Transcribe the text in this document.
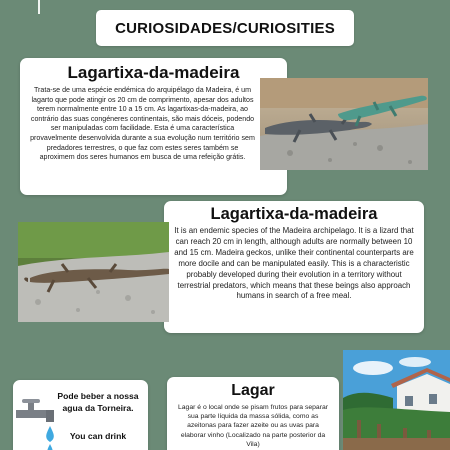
CURIOSIDADES/CURIOSITIES
Lagartixa-da-madeira

Trata-se de uma espécie endémica do arquipélago da Madeira, é um lagarto que pode atingir os 20 cm de comprimento, apesar dos adultos terem normalmente entre 10 a 15 cm. As lagartixas-da-madeira, ao contrário das suas congéneres continentais, são mais dóceis, podendo ser manipuladas com facilidade. Esta é uma característica provavelmente desenvolvida durante a sua evolução num território sem predadores terrestres, o que faz com estes seres também se aproximem dos seres humanos em busca de uma refeição grátis.

Lagartixa-da-madeira

It is an endemic species of the Madeira archipelago. It is a lizard that can reach 20 cm in length, although adults are normally between 10 and 15 cm. Madeira geckos, unlike their continental counterparts are more docile and can be manipulated easily. This is a characteristic probably developed during their evolution in a territory without terrestrial predators, which means that these beings also approach humans in search of a free meal.

Pode beber a nossa agua da Torneira.
You can drink
Lagar

Lagar é o local onde se pisam frutos para separar sua parte líquida da massa sólida, como as azeitonas para fazer azeite ou as uvas para elaborar vinho (Localizado na parte posterior da Vila)
